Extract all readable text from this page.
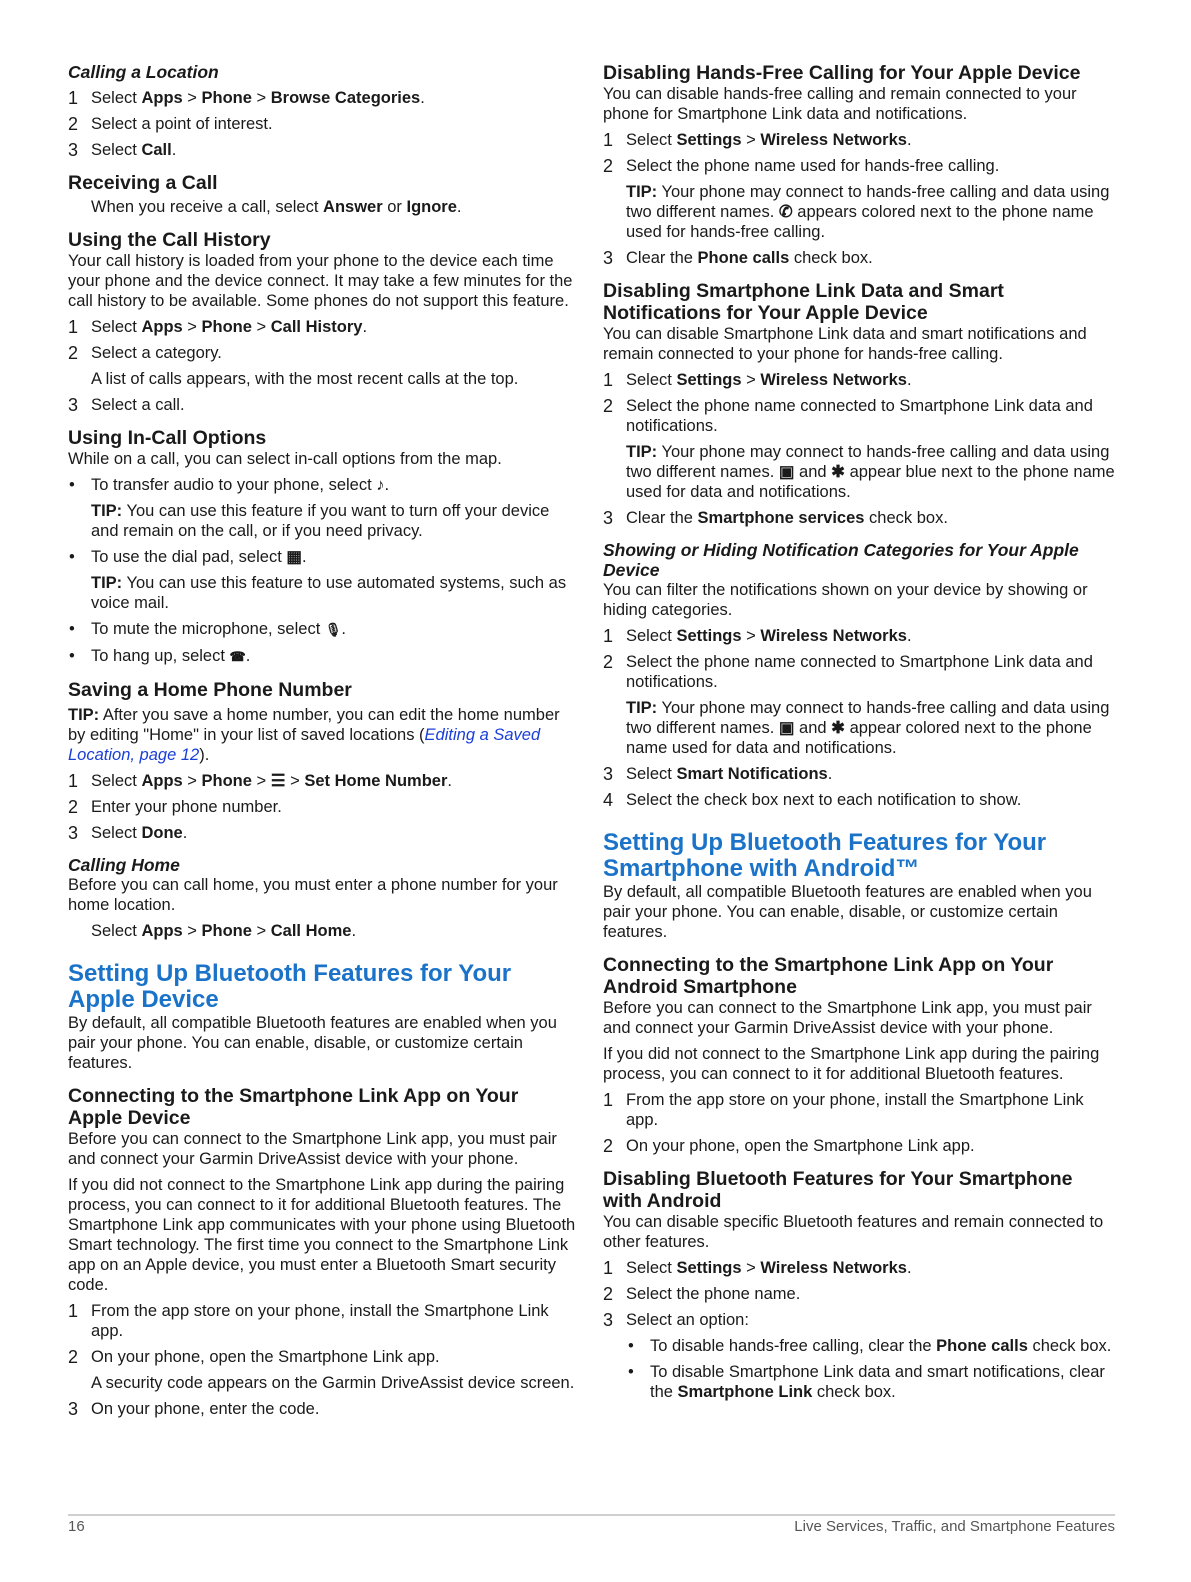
Calling a Location

1 Select Apps > Phone > Browse Categories.
2 Select a point of interest.
3 Select Call.

Receiving a Call

When you receive a call, select Answer or Ignore.

Using the Call History

Your call history is loaded from your phone to the device each time your phone and the device connect. It may take a few minutes for the call history to be available. Some phones do not support this feature.

1 Select Apps > Phone > Call History.
2 Select a category.

A list of calls appears, with the most recent calls at the top.

3 Select a call.

Using In-Call Options

While on a call, you can select in-call options from the map.

• To transfer audio to your phone, select ♪.

TIP: You can use this feature if you want to turn off your device and remain on the call, or if you need privacy.

• To use the dial pad, select ▦.

TIP: You can use this feature to use automated systems, such as voice mail.

• To mute the microphone, select 🎙.
• To hang up, select ☎.

Saving a Home Phone Number

TIP: After you save a home number, you can edit the home number by editing "Home" in your list of saved locations (Editing a Saved Location, page 12).

1 Select Apps > Phone > ☰ > Set Home Number.
2 Enter your phone number.
3 Select Done.

Calling Home

Before you can call home, you must enter a phone number for your home location.

Select Apps > Phone > Call Home.

Setting Up Bluetooth Features for Your Apple Device

By default, all compatible Bluetooth features are enabled when you pair your phone. You can enable, disable, or customize certain features.

Connecting to the Smartphone Link App on Your Apple Device

Before you can connect to the Smartphone Link app, you must pair and connect your Garmin DriveAssist device with your phone.

If you did not connect to the Smartphone Link app during the pairing process, you can connect to it for additional Bluetooth features. The Smartphone Link app communicates with your phone using Bluetooth Smart technology. The first time you connect to the Smartphone Link app on an Apple device, you must enter a Bluetooth Smart security code.

1 From the app store on your phone, install the Smartphone Link app.
2 On your phone, open the Smartphone Link app.

A security code appears on the Garmin DriveAssist device screen.

3 On your phone, enter the code.

Disabling Hands-Free Calling for Your Apple Device

You can disable hands-free calling and remain connected to your phone for Smartphone Link data and notifications.

1 Select Settings > Wireless Networks.
2 Select the phone name used for hands-free calling.

TIP: Your phone may connect to hands-free calling and data using two different names. ✆ appears colored next to the phone name used for hands-free calling.

3 Clear the Phone calls check box.

Disabling Smartphone Link Data and Smart Notifications for Your Apple Device

You can disable Smartphone Link data and smart notifications and remain connected to your phone for hands-free calling.

1 Select Settings > Wireless Networks.
2 Select the phone name connected to Smartphone Link data and notifications.

TIP: Your phone may connect to hands-free calling and data using two different names. ▣ and ✱ appear blue next to the phone name used for data and notifications.

3 Clear the Smartphone services check box.

Showing or Hiding Notification Categories for Your Apple Device

You can filter the notifications shown on your device by showing or hiding categories.

1 Select Settings > Wireless Networks.
2 Select the phone name connected to Smartphone Link data and notifications.

TIP: Your phone may connect to hands-free calling and data using two different names. ▣ and ✱ appear colored next to the phone name used for data and notifications.

3 Select Smart Notifications.
4 Select the check box next to each notification to show.

Setting Up Bluetooth Features for Your Smartphone with Android™

By default, all compatible Bluetooth features are enabled when you pair your phone. You can enable, disable, or customize certain features.

Connecting to the Smartphone Link App on Your Android Smartphone

Before you can connect to the Smartphone Link app, you must pair and connect your Garmin DriveAssist device with your phone.

If you did not connect to the Smartphone Link app during the pairing process, you can connect to it for additional Bluetooth features.

1 From the app store on your phone, install the Smartphone Link app.
2 On your phone, open the Smartphone Link app.

Disabling Bluetooth Features for Your Smartphone with Android

You can disable specific Bluetooth features and remain connected to other features.

1 Select Settings > Wireless Networks.
2 Select the phone name.
3 Select an option:
• To disable hands-free calling, clear the Phone calls check box.
• To disable Smartphone Link data and smart notifications, clear the Smartphone Link check box.
16	Live Services, Traffic, and Smartphone Features
